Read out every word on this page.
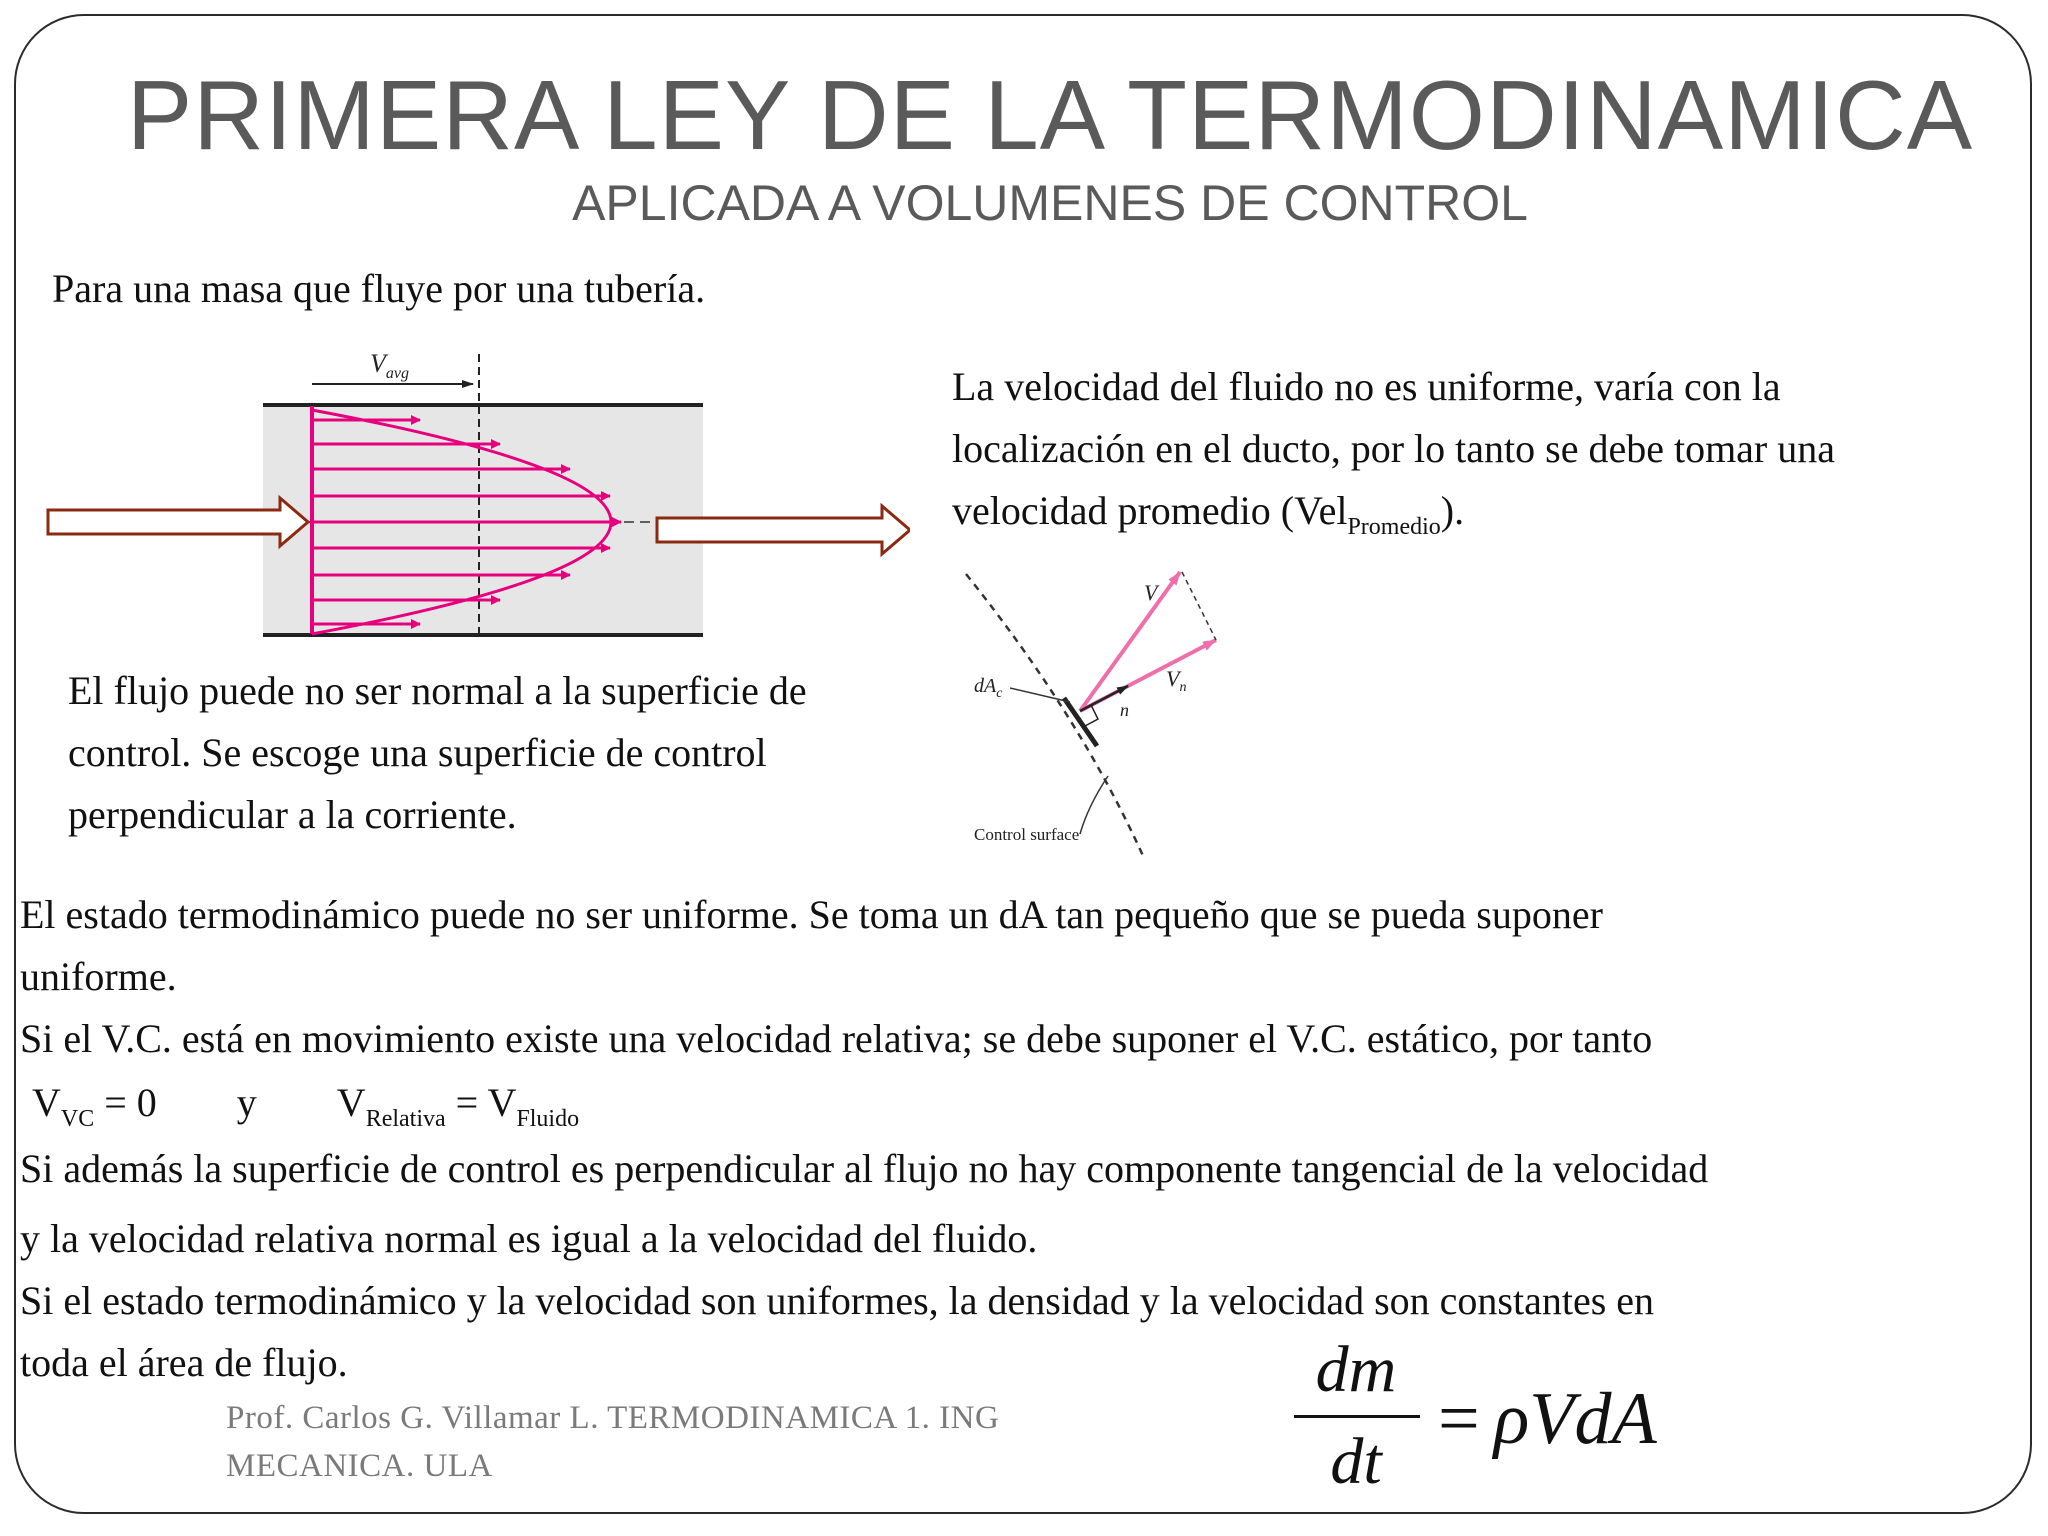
PRIMERA LEY DE LA TERMODINAMICA
APLICADA A VOLUMENES DE CONTROL
Para una masa que fluye por una tubería.
$V_{avg}$	La velocidad del fluido no es uniforme, varía con la
localización en el ducto, por lo tanto se debe tomar una
velocidad promedio (Vel$_{Promedio}$).
V
$V_n$
n
$dA_c$
Control surface
El flujo puede no ser normal a la superficie de
control. Se escoge una superficie de control
perpendicular a la corriente.
El estado termodinámico puede no ser uniforme. Se toma un dA tan pequeño que se pueda suponer
uniforme.
Si el V.C. está en movimiento existe una velocidad relativa; se debe suponer el V.C. estático, por tanto
$V_{VC} = 0$ y $V_{Relativa} = V_{Fluido}$
Si además la superficie de control es perpendicular al flujo no hay componente tangencial de la velocidad
y la velocidad relativa normal es igual a la velocidad del fluido.
Si el estado termodinámico y la velocidad son uniformes, la densidad y la velocidad son constantes en
toda el área de flujo.
Prof. Carlos G. Villamar L. TERMODINAMICA 1. ING
MECANICA. ULA
dm
dt
= ρVdA
